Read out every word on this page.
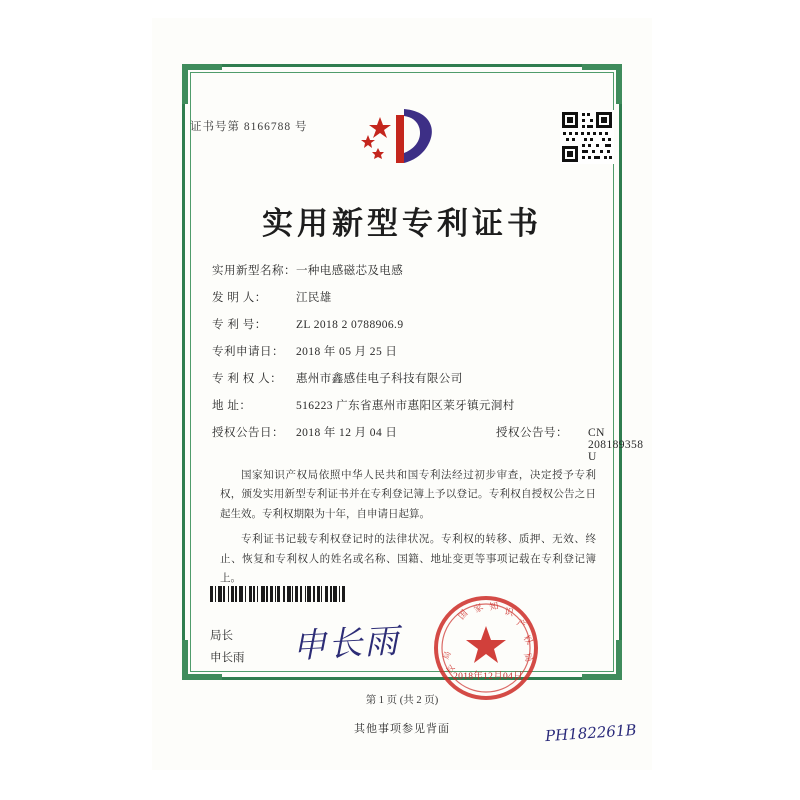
证书号第 8166788 号
实用新型专利证书
实用新型名称： 一种电感磁芯及电感
发 明 人：	江民雄
专 利 号：	ZL 2018 2 0788906.9
专利申请日：	2018 年 05 月 25 日
专 利 权 人：	惠州市鑫感佳电子科技有限公司
地 址：	516223 广东省惠州市惠阳区莱牙镇元洞村
授权公告日：	2018 年 12 月 04 日	授权公告号：	CN 208189358 U

国家知识产权局依照中华人民共和国专利法经过初步审查，决定授予专利权，颁发实用新型专利证书并在专利登记簿上予以登记。专利权自授权公告之日起生效。专利权期限为十年，自申请日起算。

专利证书记载专利权登记时的法律状况。专利权的转移、质押、无效、终止、恢复和专利权人的姓名或名称、国籍、地址变更等事项记载在专利登记簿上。

局长
申长雨 申长雨
国 家 知 识
产
权
局
局
权
2018年12月04日
第 1 页 (共 2 页)
其他事项参见背面	PH182261B
